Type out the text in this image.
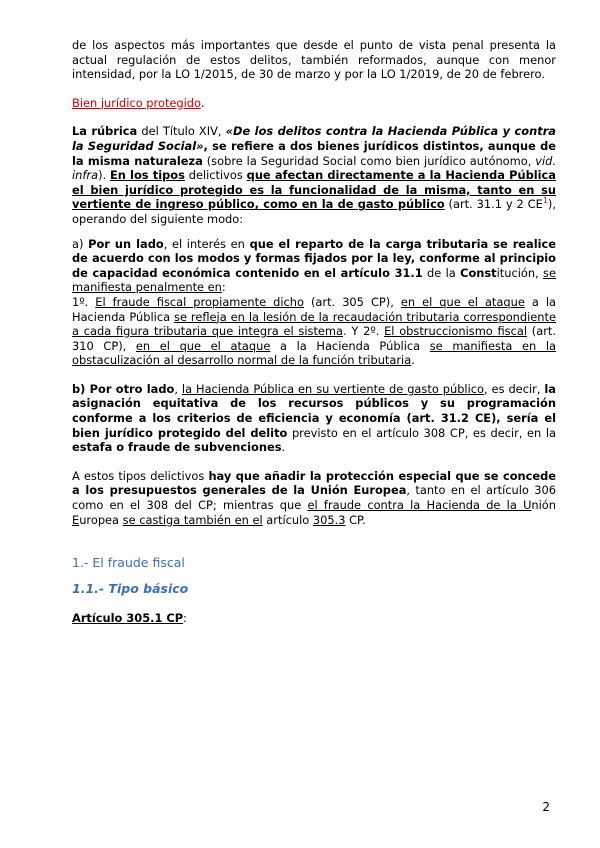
de los aspectos más importantes que desde el punto de vista penal presenta la actual regulación de estos delitos, también reformados, aunque con menor intensidad, por la LO 1/2015, de 30 de marzo y por la LO 1/2019, de 20 de febrero.

Bien jurídico protegido.

La rúbrica del Título XIV, «De los delitos contra la Hacienda Pública y contra la Seguridad Social», se refiere a dos bienes jurídicos distintos, aunque de la misma naturaleza (sobre la Seguridad Social como bien jurídico autónomo, vid. infra). En los tipos delictivos que afectan directamente a la Hacienda Pública el bien jurídico protegido es la funcionalidad de la misma, tanto en su vertiente de ingreso público, como en la de gasto público (art. 31.1 y 2 $CE^1$), operando del siguiente modo:

a) Por un lado, el interés en que el reparto de la carga tributaria se realice de acuerdo con los modos y formas fijados por la ley, conforme al principio de capacidad económica contenido en el artículo 31.1 de la Constitución, se manifiesta penalmente en:

1º. El fraude fiscal propiamente dicho (art. 305 CP), en el que el ataque a la Hacienda Pública se refleja en la lesión de la recaudación tributaria correspondiente a cada figura tributaria que integra el sistema. Y 2º. El obstruccionismo fiscal (art. 310 CP), en el que el ataque a la Hacienda Pública se manifiesta en la obstaculización al desarrollo normal de la función tributaria.

b) Por otro lado, la Hacienda Pública en su vertiente de gasto público, es decir, la asignación equitativa de los recursos públicos y su programación conforme a los criterios de eficiencia y economía (art. 31.2 CE), sería el bien jurídico protegido del delito previsto en el artículo 308 CP, es decir, en la estafa o fraude de subvenciones.

A estos tipos delictivos hay que añadir la protección especial que se concede a los presupuestos generales de la Unión Europea, tanto en el artículo 306 como en el 308 del CP; mientras que el fraude contra la Hacienda de la Unión Europea se castiga también en el artículo 305.3 CP.

1.- El fraude fiscal

1.1.- Tipo básico

Artículo 305.1 CP:

2
